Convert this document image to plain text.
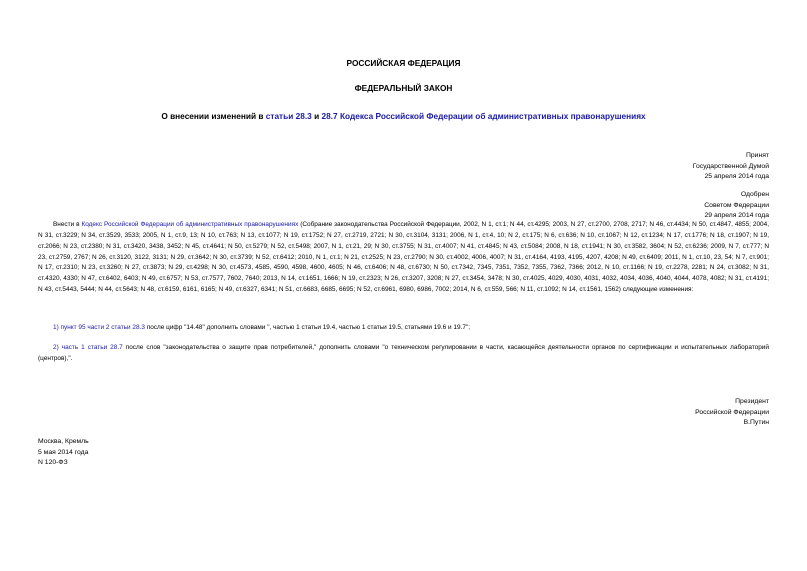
РОССИЙСКАЯ ФЕДЕРАЦИЯ
ФЕДЕРАЛЬНЫЙ ЗАКОН
О внесении изменений в статьи 28.3 и 28.7 Кодекса Российской Федерации об административных правонарушениях
Принят
Государственной Думой
25 апреля 2014 года
Одобрен
Советом Федерации
29 апреля 2014 года

Внести в Кодекс Российской Федерации об административных правонарушениях (Собрание законодательства Российской Федерации, 2002, N 1, ст.1; N 44, ст.4295; 2003, N 27, ст.2700, 2708, 2717; N 46, ст.4434; N 50, ст.4847, 4855; 2004, N 31, ст.3229; N 34, ст.3529, 3533; 2005, N 1, ст.9, 13; N 10, ст.763; N 13, ст.1077; N 19, ст.1752; N 27, ст.2719, 2721; N 30, ст.3104, 3131; 2006, N 1, ст.4, 10; N 2, ст.175; N 6, ст.636; N 10, ст.1067; N 12, ст.1234; N 17, ст.1776; N 18, ст.1907; N 19, ст.2066; N 23, ст.2380; N 31, ст.3420, 3438, 3452; N 45, ст.4641; N 50, ст.5279; N 52, ст.5498; 2007, N 1, ст.21, 29; N 30, ст.3755; N 31, ст.4007; N 41, ст.4845; N 43, ст.5084; 2008, N 18, ст.1941; N 30, ст.3582, 3604; N 52, ст.6236; 2009, N 7, ст.777; N 23, ст.2759, 2767; N 26, ст.3120, 3122, 3131; N 29, ст.3642; N 30, ст.3739; N 52, ст.6412; 2010, N 1, ст.1; N 21, ст.2525; N 23, ст.2790; N 30, ст.4002, 4006, 4007; N 31, ст.4164, 4193, 4195, 4207, 4208; N 49, ст.6409; 2011, N 1, ст.10, 23, 54; N 7, ст.901; N 17, ст.2310; N 23, ст.3260; N 27, ст.3873; N 29, ст.4298; N 30, ст.4573, 4585, 4590, 4598, 4600, 4605; N 46, ст.6406; N 48, ст.6730; N 50, ст.7342, 7345, 7351, 7352, 7355, 7362, 7366; 2012, N 10, ст.1166; N 19, ст.2278, 2281; N 24, ст.3082; N 31, ст.4320, 4330; N 47, ст.6402, 6403; N 49, ст.6757; N 53, ст.7577, 7602, 7640; 2013, N 14, ст.1651, 1666; N 19, ст.2323; N 26, ст.3207, 3208; N 27, ст.3454, 3478; N 30, ст.4025, 4029, 4030, 4031, 4032, 4034, 4036, 4040, 4044, 4078, 4082; N 31, ст.4191; N 43, ст.5443, 5444; N 44, ст.5643; N 48, ст.6159, 6161, 6165; N 49, ст.6327, 6341; N 51, ст.6683, 6685, 6695; N 52, ст.6961, 6980, 6986, 7002; 2014, N 6, ст.559, 566; N 11, ст.1092; N 14, ст.1561, 1562) следующие изменения:

1) пункт 95 части 2 статьи 28.3 после цифр "14.48" дополнить словами ", частью 1 статьи 19.4, частью 1 статьи 19.5, статьями 19.6 и 19.7";

2) часть 1 статьи 28.7 после слов "законодательства о защите прав потребителей," дополнить словами "о техническом регулировании в части, касающейся деятельности органов по сертификации и испытательных лабораторий (центров),".

Президент
Российской Федерации
В.Путин
Москва, Кремль
5 мая 2014 года
N 120-ФЗ
